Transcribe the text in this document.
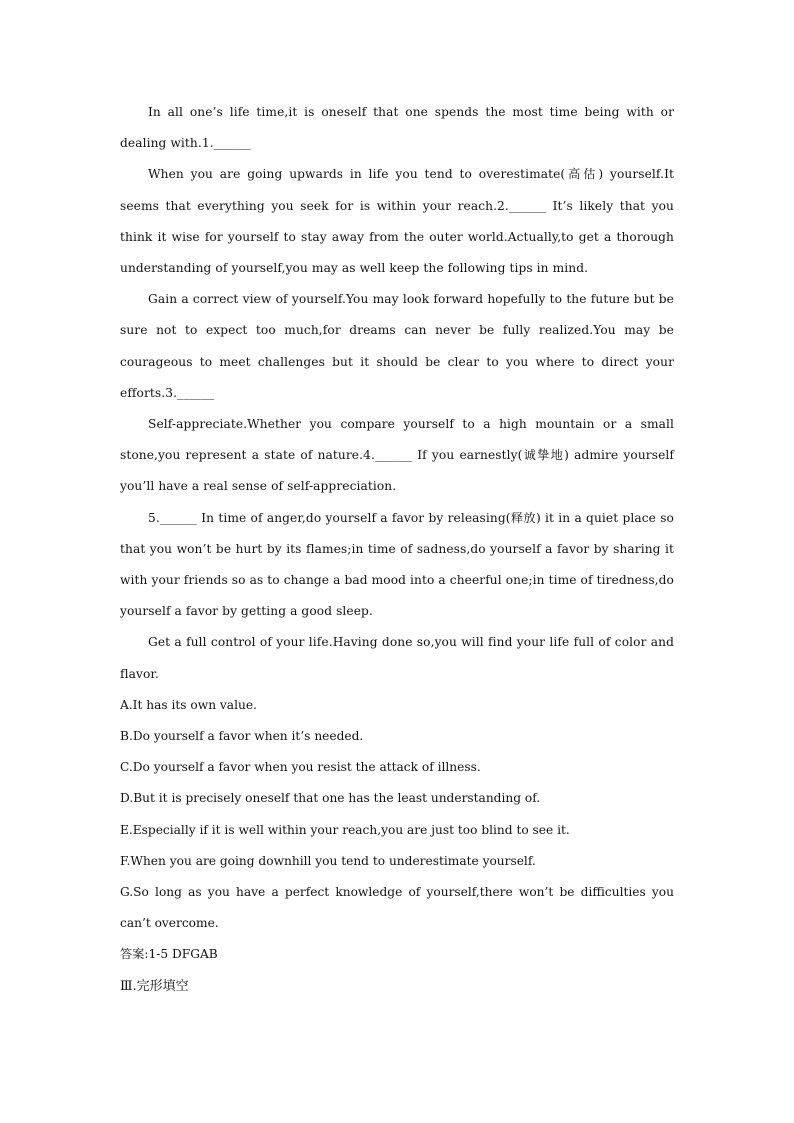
In all one’s life time,it is oneself that one spends the most time being with or dealing with.1.______

When you are going upwards in life you tend to overestimate(高估) yourself.It seems that everything you seek for is within your reach.2.______ It’s likely that you think it wise for yourself to stay away from the outer world.Actually,to get a thorough understanding of yourself,you may as well keep the following tips in mind.

Gain a correct view of yourself.You may look forward hopefully to the future but be sure not to expect too much,for dreams can never be fully realized.You may be courageous to meet challenges but it should be clear to you where to direct your efforts.3.______

Self-appreciate.Whether you compare yourself to a high mountain or a small stone,you represent a state of nature.4.______ If you earnestly(诚挚地) admire yourself you’ll have a real sense of self-appreciation.

5.______ In time of anger,do yourself a favor by releasing(释放) it in a quiet place so that you won’t be hurt by its flames;in time of sadness,do yourself a favor by sharing it with your friends so as to change a bad mood into a cheerful one;in time of tiredness,do yourself a favor by getting a good sleep.

Get a full control of your life.Having done so,you will find your life full of color and flavor.

A.It has its own value.

B.Do yourself a favor when it’s needed.

C.Do yourself a favor when you resist the attack of illness.

D.But it is precisely oneself that one has the least understanding of.

E.Especially if it is well within your reach,you are just too blind to see it.

F.When you are going downhill you tend to underestimate yourself.

G.So long as you have a perfect knowledge of yourself,there won’t be difficulties you can’t overcome.

答案:1-5 DFGAB

Ⅲ.完形填空
